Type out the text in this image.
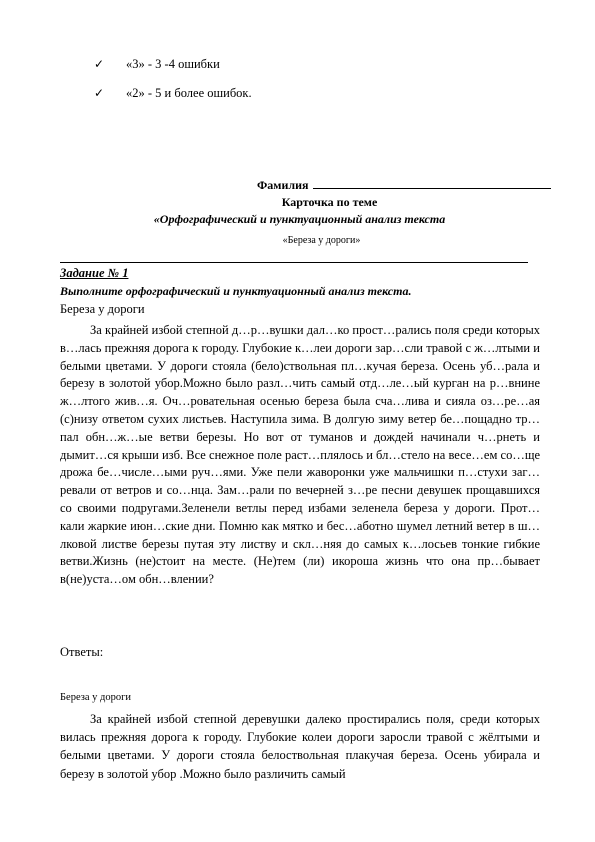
✓ «3» - 3 -4 ошибки
✓ «2» - 5 и более ошибок.
Фамилия
Карточка по теме
«Орфографический и пунктуационный анализ текста
«Береза у дороги»
Задание № 1
Выполните орфографический и пунктуационный анализ текста.
Береза у дороги
За крайней избой степной д…р…вушки дал…ко прост…рались поля среди которых в…лась прежняя дорога к городу. Глубокие к…леи дороги зар…сли травой с ж…лтыми и белыми цветами. У дороги стояла (бело)ствольная пл…кучая береза. Осень уб…рала и березу в золотой убор.Можно было разл…чить самый отд…ле…ый курган на р…внине ж…лтого жив…я. Оч…ровательная осенью береза была сча…лива и сияла оз…ре…ая (с)низу ответом сухих листьев. Наступила зима. В долгую зиму ветер бе…пощадно тр…пал обн…ж…ые ветви березы. Но вот от туманов и дождей начинали ч…рнеть и дымит…ся крыши изб. Все снежное поле раст…плялось и бл…стело на весе…ем со…ще дрожа бе…числе…ыми руч…ями. Уже пели жаворонки уже мальчишки п…стухи заг…ревали от ветров и со…нца. Зам…рали по вечерней з…ре песни девушек прощавшихся со своими подругами.Зеленели ветлы перед избами зеленела береза у дороги. Прот…кали жаркие июн…ские дни. Помню как мятко и бес…аботно шумел летний ветер в ш…лковой листве березы путая эту листву и скл…няя до самых к…лосьев тонкие гибкие ветви.Жизнь (не)стоит на месте. (Не)тем (ли) икороша жизнь что она пр…бывает в(не)уста…ом обн…влении?
Ответы:
Береза у дороги
За крайней избой степной деревушки далеко простирались поля, среди которых вилась прежняя дорога к городу. Глубокие колеи дороги заросли травой с жёлтыми и белыми цветами. У дороги стояла белоствольная плакучая береза. Осень убирала и березу в золотой убор .Можно было различить самый
